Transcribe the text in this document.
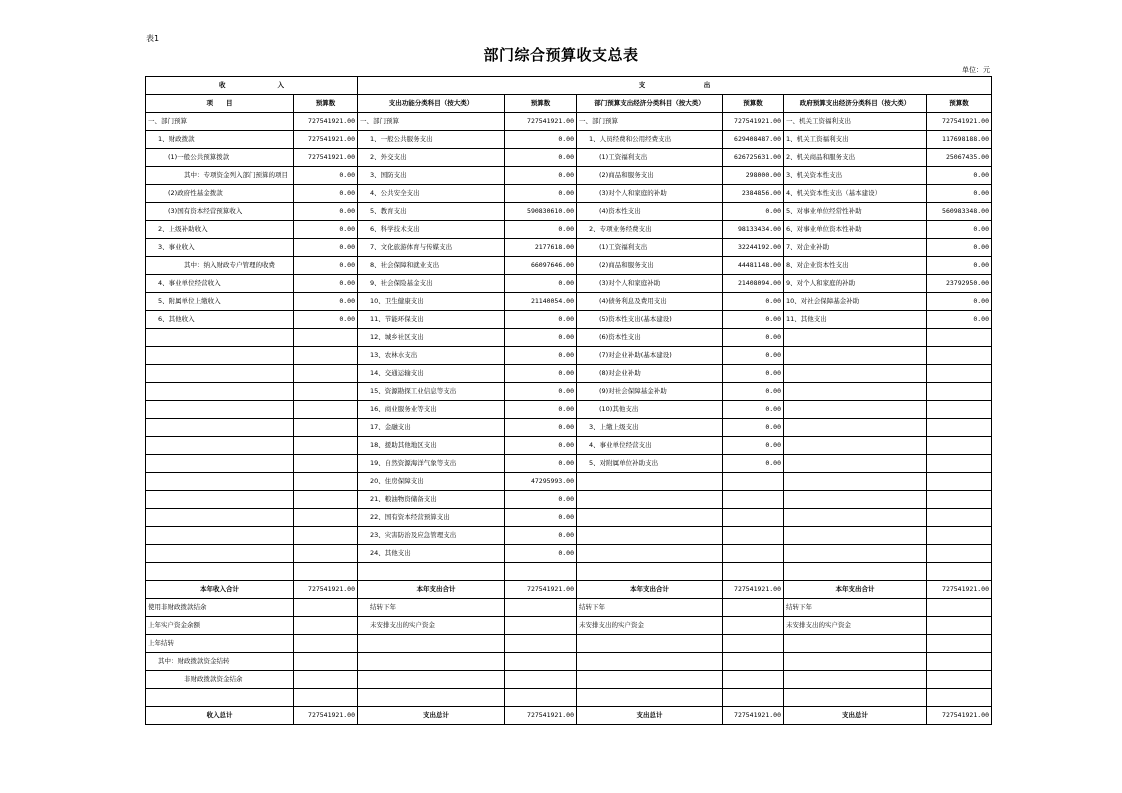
表1
部门综合预算收支总表
单位：元
收　　　　　　　　入		支　　　　　　　　　出					
项　　目	预算数	支出功能分类科目（按大类）	预算数	部门预算支出经济分类科目（按大类）	预算数	政府预算支出经济分类科目（按大类）	预算数
一、部门预算	727541921.00	一、部门预算	727541921.00	一、部门预算	727541921.00	一、机关工资福利支出	727541921.00
1、财政拨款	727541921.00	1、一般公共服务支出	0.00	1、人员经费和公用经费支出	629408487.00	1、机关工资福利支出	117698188.00
(1)一般公共预算拨款	727541921.00	2、外交支出	0.00	(1)工资福利支出	626725631.00	2、机关商品和服务支出	25067435.00
其中：专项资金列入部门预算的项目	0.00	3、国防支出	0.00	(2)商品和服务支出	298000.00	3、机关资本性支出	0.00
(2)政府性基金拨款	0.00	4、公共安全支出	0.00	(3)对个人和家庭的补助	2384856.00	4、机关资本性支出（基本建设）	0.00
(3)国有资本经营预算收入	0.00	5、教育支出	590830610.00	(4)资本性支出	0.00	5、对事业单位经常性补助	560983348.00
2、上级补助收入	0.00	6、科学技术支出	0.00	2、专项业务经费支出	98133434.00	6、对事业单位资本性补助	0.00
3、事业收入	0.00	7、文化旅游体育与传媒支出	2177618.00	(1)工资福利支出	32244192.00	7、对企业补助	0.00
其中：纳入财政专户管理的收费	0.00	8、社会保障和就业支出	66097646.00	(2)商品和服务支出	44481148.00	8、对企业资本性支出	0.00
4、事业单位经营收入	0.00	9、社会保险基金支出	0.00	(3)对个人和家庭补助	21408094.00	9、对个人和家庭的补助	23792950.00
5、附属单位上缴收入	0.00	10、卫生健康支出	21140054.00	(4)债务利息及费用支出	0.00	10、对社会保障基金补助	0.00
6、其他收入	0.00	11、节能环保支出	0.00	(5)资本性支出(基本建设)	0.00	11、其他支出	0.00
		12、城乡社区支出	0.00	(6)资本性支出	0.00		
		13、农林水支出	0.00	(7)对企业补助(基本建设)	0.00		
		14、交通运输支出	0.00	(8)对企业补助	0.00		
		15、资源勘探工业信息等支出	0.00	(9)对社会保障基金补助	0.00		
		16、商业服务业等支出	0.00	(10)其他支出	0.00		
		17、金融支出	0.00	3、上缴上级支出	0.00		
		18、援助其他地区支出	0.00	4、事业单位经营支出	0.00		
		19、自然资源海洋气象等支出	0.00	5、对附属单位补助支出	0.00		
		20、住房保障支出	47295993.00				
		21、粮油物资储备支出	0.00				
		22、国有资本经营预算支出	0.00				
		23、灾害防治及应急管理支出	0.00				
		24、其他支出	0.00				

本年收入合计	727541921.00	本年支出合计	727541921.00	本年支出合计	727541921.00	本年支出合计	727541921.00
使用非财政拨款结余		结转下年		结转下年		结转下年	
上年实户资金余额		未安排支出的实户资金		未安排支出的实户资金		未安排支出的实户资金	
上年结转							
其中：财政拨款资金结转							
非财政拨款资金结余							

收入总计	727541921.00	支出总计	727541921.00	支出总计	727541921.00	支出总计	727541921.00
